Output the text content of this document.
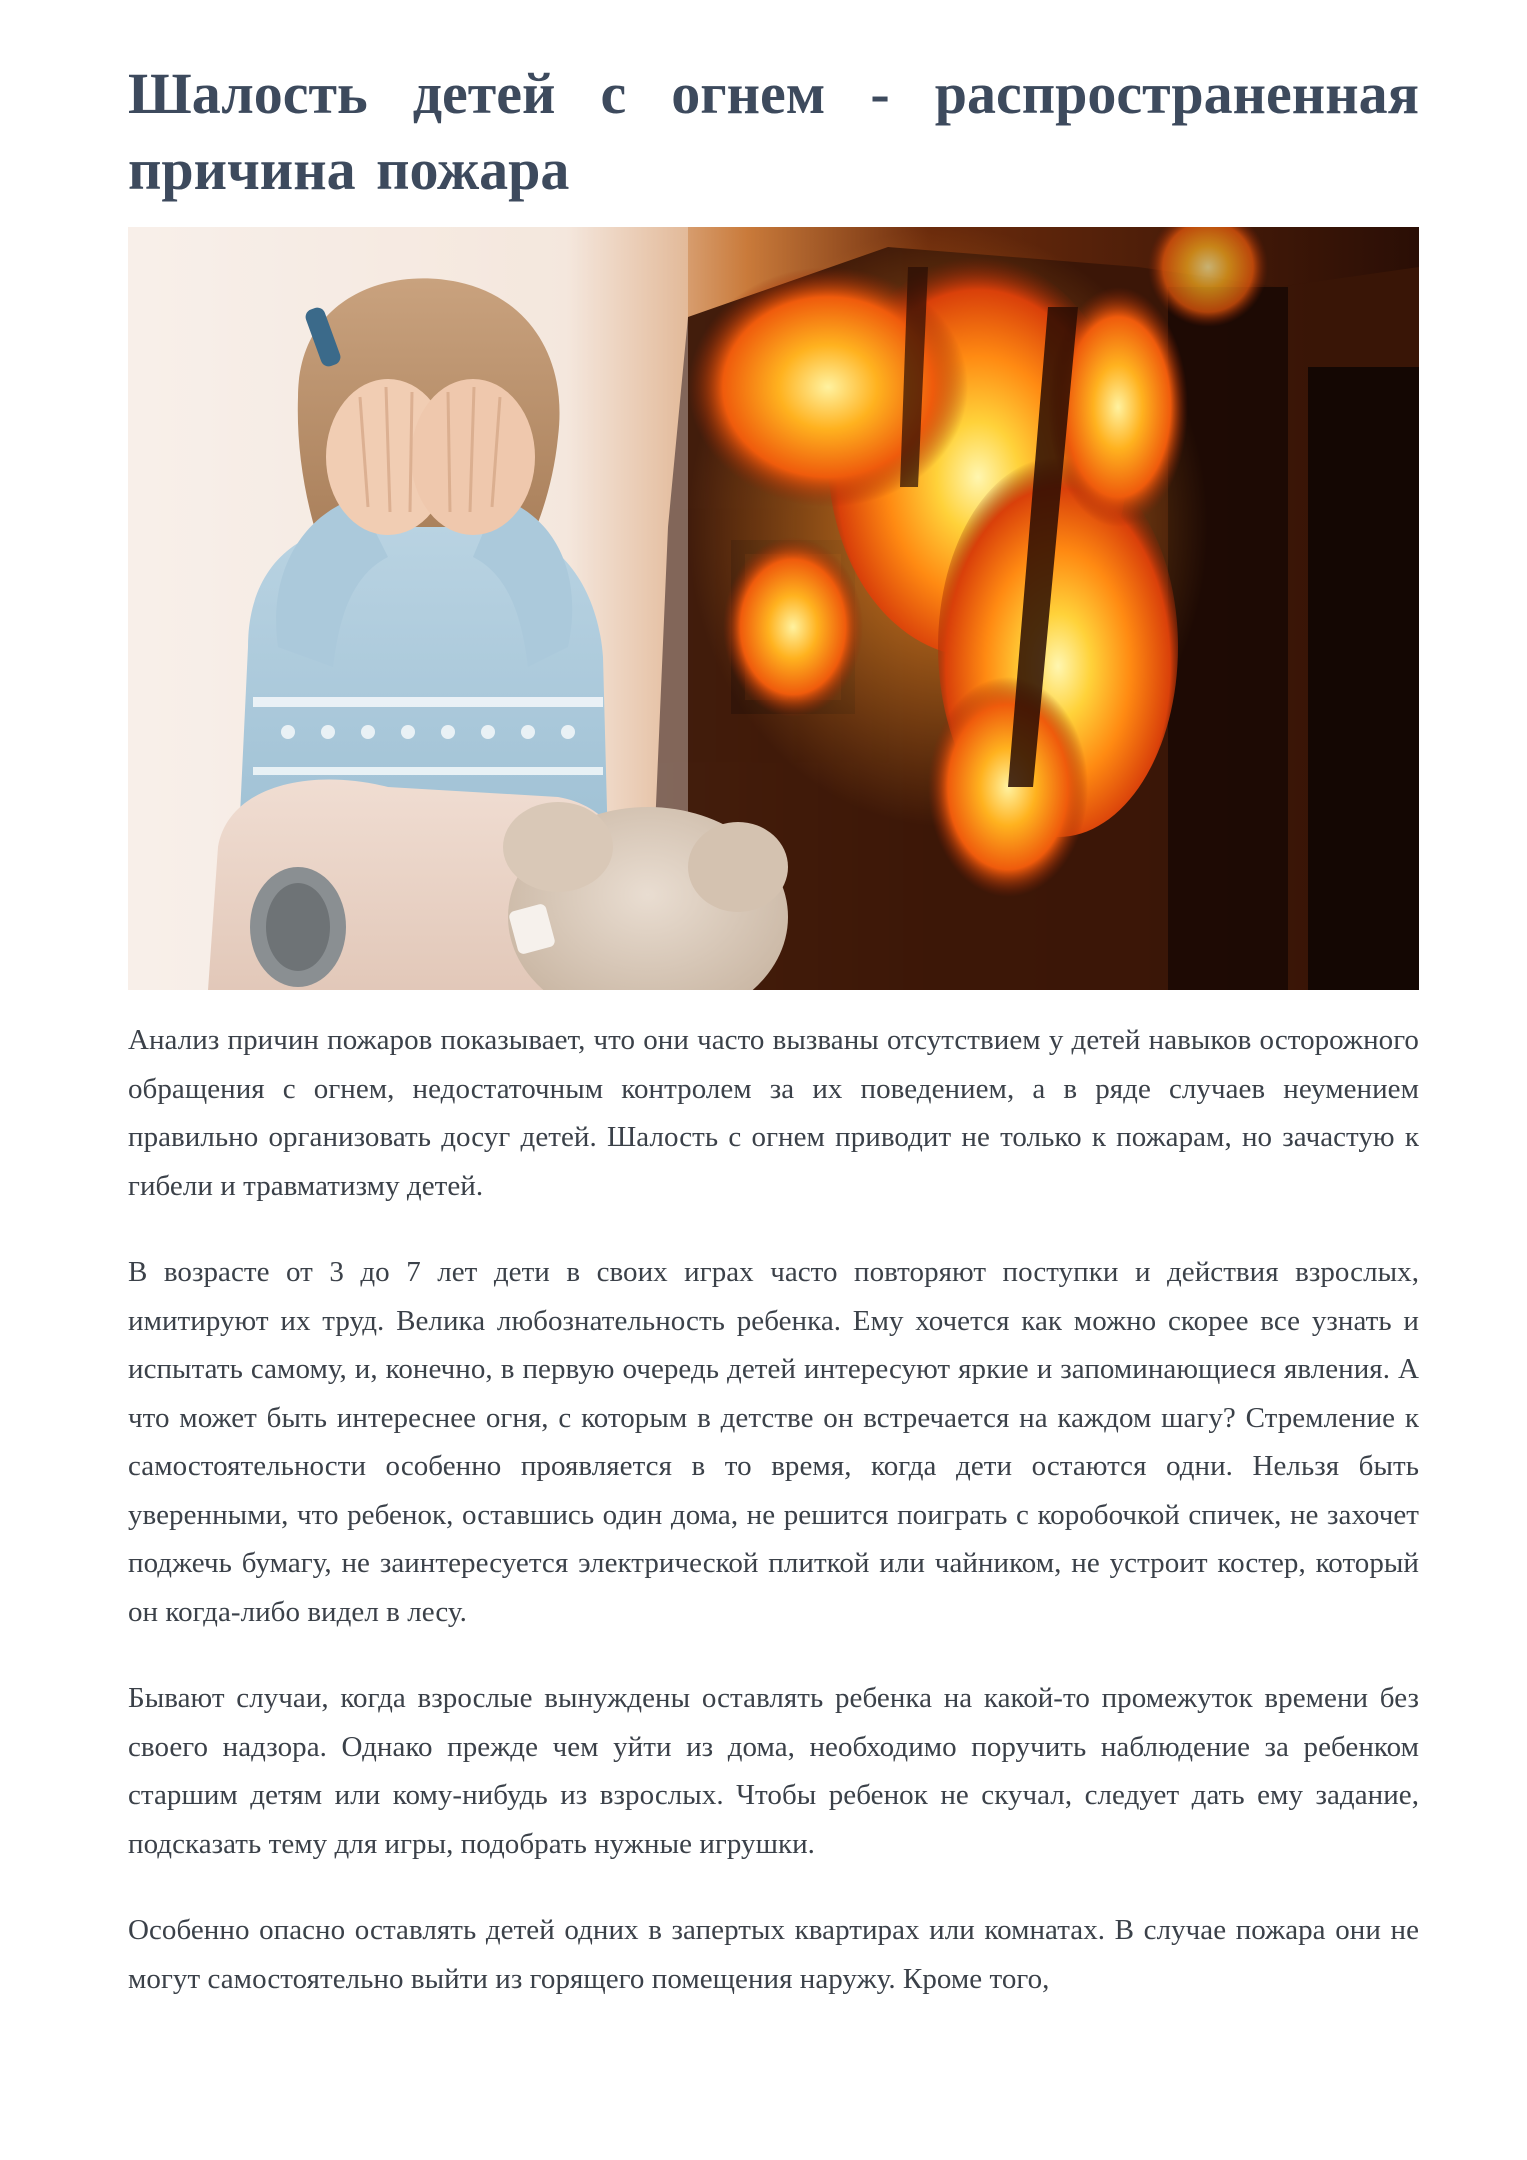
Шалость детей с огнем - распространенная причина пожара

Анализ причин пожаров показывает, что они часто вызваны отсутствием у детей навыков осторожного обращения с огнем, недостаточным контролем за их поведением, а в ряде случаев неумением правильно организовать досуг детей. Шалость с огнем приводит не только к пожарам, но зачастую к гибели и травматизму детей.

В возрасте от 3 до 7 лет дети в своих играх часто повторяют поступки и действия взрослых, имитируют их труд. Велика любознательность ребенка. Ему хочется как можно скорее все узнать и испытать самому, и, конечно, в первую очередь детей интересуют яркие и запоминающиеся явления. А что может быть интереснее огня, с которым в детстве он встречается на каждом шагу? Стремление к самостоятельности особенно проявляется в то время, когда дети остаются одни. Нельзя быть уверенными, что ребенок, оставшись один дома, не решится поиграть с коробочкой спичек, не захочет поджечь бумагу, не заинтересуется электрической плиткой или чайником, не устроит костер, который он когда-либо видел в лесу.

Бывают случаи, когда взрослые вынуждены оставлять ребенка на какой-то промежуток времени без своего надзора. Однако прежде чем уйти из дома, необходимо поручить наблюдение за ребенком старшим детям или кому-нибудь из взрослых. Чтобы ребенок не скучал, следует дать ему задание, подсказать тему для игры, подобрать нужные игрушки.

Особенно опасно оставлять детей одних в запертых квартирах или комнатах. В случае пожара они не могут самостоятельно выйти из горящего помещения наружу. Кроме того,
